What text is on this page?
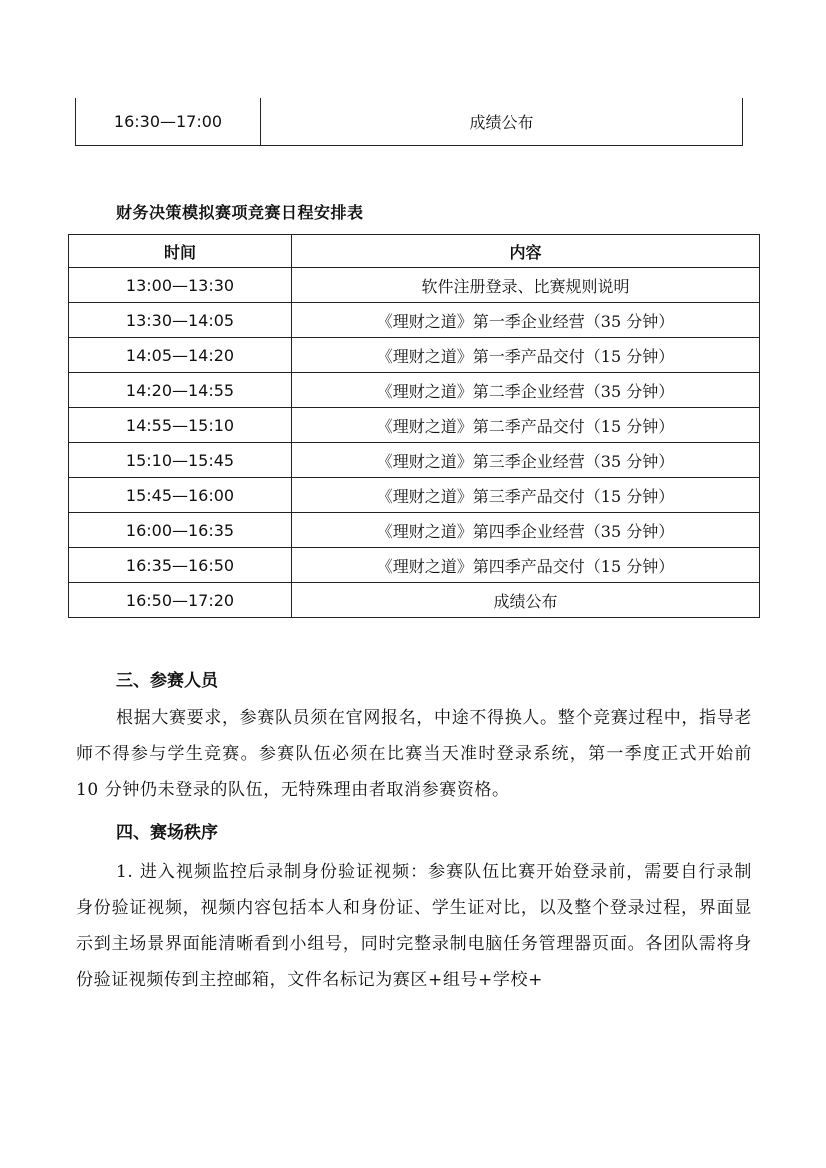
16:30—17:00	成绩公布
财务决策模拟赛项竞赛日程安排表
时间	内容
13:00—13:30	软件注册登录、比赛规则说明
13:30—14:05	《理财之道》第一季企业经营（35 分钟）
14:05—14:20	《理财之道》第一季产品交付（15 分钟）
14:20—14:55	《理财之道》第二季企业经营（35 分钟）
14:55—15:10	《理财之道》第二季产品交付（15 分钟）
15:10—15:45	《理财之道》第三季企业经营（35 分钟）
15:45—16:00	《理财之道》第三季产品交付（15 分钟）
16:00—16:35	《理财之道》第四季企业经营（35 分钟）
16:35—16:50	《理财之道》第四季产品交付（15 分钟）
16:50—17:20	成绩公布
三、参赛人员
根据大赛要求，参赛队员须在官网报名，中途不得换人。整个竞赛过程中，指导老师不得参与学生竞赛。参赛队伍必须在比赛当天准时登录系统，第一季度正式开始前 10 分钟仍未登录的队伍，无特殊理由者取消参赛资格。
四、赛场秩序
1. 进入视频监控后录制身份验证视频：参赛队伍比赛开始登录前，需要自行录制身份验证视频，视频内容包括本人和身份证、学生证对比，以及整个登录过程，界面显示到主场景界面能清晰看到小组号，同时完整录制电脑任务管理器页面。各团队需将身份验证视频传到主控邮箱，文件名标记为赛区+组号+学校+
